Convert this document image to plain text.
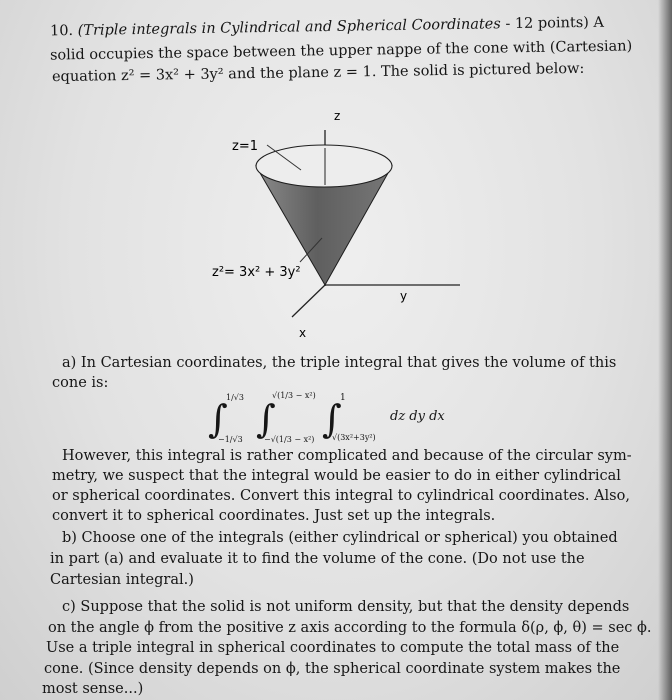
10. (Triple integrals in Cylindrical and Spherical Coordinates - 12 points) A
solid occupies the space between the upper nappe of the cone with (Cartesian)
equation z² = 3x² + 3y² and the plane z = 1. The solid is pictured below:
z
y
x
z=1
z²= 3x² + 3y²
a) In Cartesian coordinates, the triple integral that gives the volume of this
cone is:
∫ ∫ ∫
1/√3
−1/√3
√(1/3 − x²)
−√(1/3 − x²)
1
√(3x²+3y²)
dz dy dx
However, this integral is rather complicated and because of the circular sym-
metry, we suspect that the integral would be easier to do in either cylindrical
or spherical coordinates. Convert this integral to cylindrical coordinates. Also,
convert it to spherical coordinates. Just set up the integrals.
b) Choose one of the integrals (either cylindrical or spherical) you obtained
in part (a) and evaluate it to find the volume of the cone. (Do not use the
Cartesian integral.)
c) Suppose that the solid is not uniform density, but that the density depends
on the angle ϕ from the positive z axis according to the formula δ(ρ, ϕ, θ) = sec ϕ.
Use a triple integral in spherical coordinates to compute the total mass of the
cone. (Since density depends on ϕ, the spherical coordinate system makes the
most sense...)
